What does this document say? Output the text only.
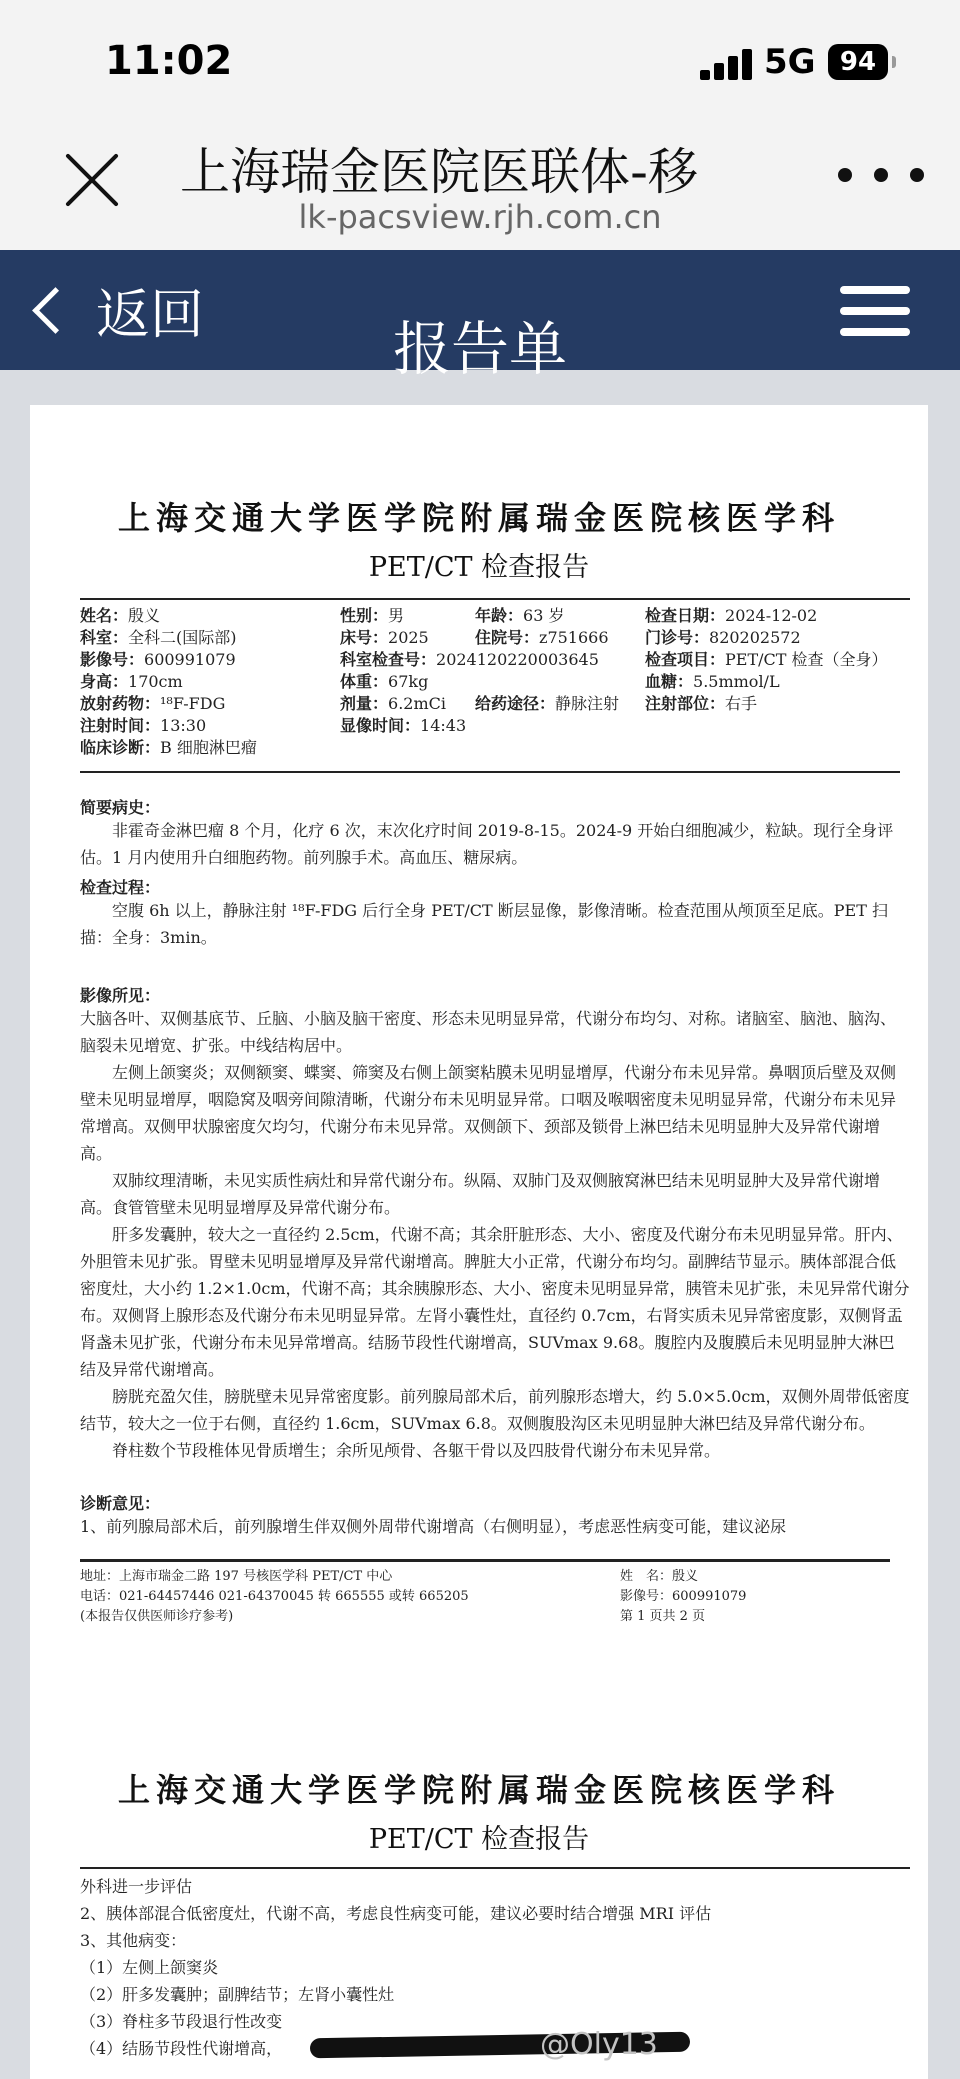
11:02	5G 94
上海瑞金医院医联体-移
lk-pacsview.rjh.com.cn
返回
报告单
上海交通大学医学院附属瑞金医院核医学科
PET/CT 检查报告
姓名：殷义	性别：男	年龄：63 岁	检查日期：2024-12-02
科室：全科二(国际部)	床号：2025	住院号：z751666 门诊号：820202572
影像号：600991079	科室检查号：2024120220003645	检查项目：PET/CT 检查（全身）
身高：170cm	体重：67kg	血糖：5.5mmol/L
放射药物：¹⁸F-FDG	剂量：6.2mCi 给药途径：静脉注射 注射部位：右手
注射时间：13:30	显像时间：14:43
临床诊断：B 细胞淋巴瘤
简要病史：

非霍奇金淋巴瘤 8 个月，化疗 6 次，末次化疗时间 2019-8-15。2024-9 开始白细胞减少，粒缺。现行全身评估。1 月内使用升白细胞药物。前列腺手术。高血压、糖尿病。

检查过程：

空腹 6h 以上，静脉注射 ¹⁸F-FDG 后行全身 PET/CT 断层显像，影像清晰。检查范围从颅顶至足底。PET 扫描：全身：3min。

影像所见：

大脑各叶、双侧基底节、丘脑、小脑及脑干密度、形态未见明显异常，代谢分布均匀、对称。诸脑室、脑池、脑沟、脑裂未见增宽、扩张。中线结构居中。

左侧上颌窦炎；双侧额窦、蝶窦、筛窦及右侧上颌窦粘膜未见明显增厚，代谢分布未见异常。鼻咽顶后壁及双侧壁未见明显增厚，咽隐窝及咽旁间隙清晰，代谢分布未见明显异常。口咽及喉咽密度未见明显异常，代谢分布未见异常增高。双侧甲状腺密度欠均匀，代谢分布未见异常。双侧颌下、颈部及锁骨上淋巴结未见明显肿大及异常代谢增高。

双肺纹理清晰，未见实质性病灶和异常代谢分布。纵隔、双肺门及双侧腋窝淋巴结未见明显肿大及异常代谢增高。食管管壁未见明显增厚及异常代谢分布。

肝多发囊肿，较大之一直径约 2.5cm，代谢不高；其余肝脏形态、大小、密度及代谢分布未见明显异常。肝内、外胆管未见扩张。胃壁未见明显增厚及异常代谢增高。脾脏大小正常，代谢分布均匀。副脾结节显示。胰体部混合低密度灶，大小约 1.2×1.0cm，代谢不高；其余胰腺形态、大小、密度未见明显异常，胰管未见扩张，未见异常代谢分布。双侧肾上腺形态及代谢分布未见明显异常。左肾小囊性灶，直径约 0.7cm，右肾实质未见异常密度影，双侧肾盂肾盏未见扩张，代谢分布未见异常增高。结肠节段性代谢增高，SUVmax 9.68。腹腔内及腹膜后未见明显肿大淋巴结及异常代谢增高。

膀胱充盈欠佳，膀胱壁未见异常密度影。前列腺局部术后，前列腺形态增大，约 5.0×5.0cm，双侧外周带低密度结节，较大之一位于右侧，直径约 1.6cm，SUVmax 6.8。双侧腹股沟区未见明显肿大淋巴结及异常代谢分布。

脊柱数个节段椎体见骨质增生；余所见颅骨、各躯干骨以及四肢骨代谢分布未见异常。

诊断意见：
1、前列腺局部术后，前列腺增生伴双侧外周带代谢增高（右侧明显），考虑恶性病变可能，建议泌尿
地址：上海市瑞金二路 197 号核医学科 PET/CT 中心
电话：021-64457446 021-64370045 转 665555 或转 665205
(本报告仅供医师诊疗参考)
姓　名：殷义
影像号：600991079
第 1 页共 2 页
上海交通大学医学院附属瑞金医院核医学科
PET/CT 检查报告

外科进一步评估

2、胰体部混合低密度灶，代谢不高，考虑良性病变可能，建议必要时结合增强 MRI 评估

3、其他病变：

（1）左侧上颌窦炎

（2）肝多发囊肿；副脾结节；左肾小囊性灶

（3）脊柱多节段退行性改变

（4）结肠节段性代谢增高，	@Oly13
